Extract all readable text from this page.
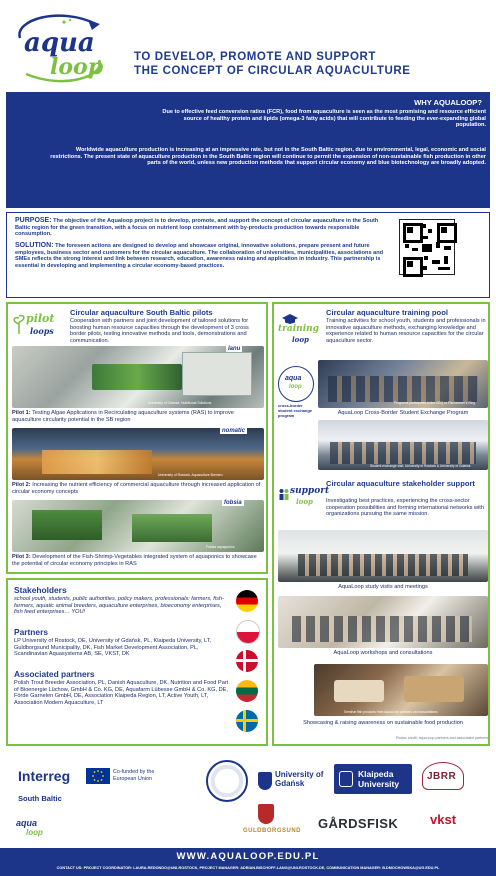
aqua
loop	TO DEVELOP, PROMOTE AND SUPPORT
THE CONCEPT OF CIRCULAR AQUACULTURE
WHY AQUALOOP?
Due to effective feed conversion ratios (FCR), food from aquaculture is seen as the most promising and resource efficient source of healthy protein and lipids (omega-3 fatty acids) that will contribute to feeding the ever-expanding global population.
Worldwide aquaculture production is increasing at an impressive rate, but not in the South Baltic region, due to environmental, legal, economic and social restrictions. The present state of aquaculture production in the South Baltic region will continue to permit the expansion of non-sustainable fish production in other parts of the world, unless new production methods that support circular economy and blue biotechnology are broadly adopted.
PURPOSE: The objective of the Aqualoop project is to develop, promote, and support the concept of circular aquaculture in the South Baltic region for the green transition, with a focus on nutrient loop containment with by-products production towards responsible consumption.
SOLUTION: The foreseen actions are designed to develop and showcase original, innovative solutions, prepare present and future employees, business sector and customers for the circular aquaculture. The collaboration of universities, municipalities, associations and SMEs reflects the strong interest and link between research, education, awareness raising and application in industry. This partnership is essential in developing and implementing a circular economy-based practices.
pilot
loops
Circular aquaculture South Baltic pilots
Cooperation with partners and joint development of tailored solutions for boosting human resource capacities through the development of 3 cross border pilots, testing innovative methods and tools, demonstrations and communication.
lanu
University of Gdańsk, Nutritional Solutions
Pilot 1: Testing Algae Applications in Recirculating aquaculture systems (RAS) to improve aquaculture circularity potential in the SB region
nomatic
University of Rostock, Aquaculture Bremen
Pilot 2: Increasing the nutrient efficiency of commercial aquaculture through increased application of circular economy concepts
fobsia
Fobsia aquaponics
Pilot 3: Development of the Fish-Shrimp-Vegetables integrated system of aquaponics to showcase the potential of circular economy principles in RAS
Stakeholders
school youth, students, public authorities, policy makers, professionals: farmers, fish-farmers, aquatic animal breeders, aquaculture enterprises, bioeconomy enterprises, fish feed enterprises… YOU!
Partners
LP University of Rostock, DE, University of Gdańsk, PL, Klaipeda University, LT, Guldborgsund Municipality, DK, Fish Market Development Association, PL, Scandinavian Aquasystems AB, SE, VKST, DK
Associated partners
Polish Trout Breeder Association, PL, Danish Aquaculture, DK, Nutrition and Food Part of Bioenergie Lüchow, GmbH & Co. KG, DE, Aquafarm Lübesse GmbH & Co. KG, DE, Förde Garnelen GmbH, DE, Association Klaipeda Region, LT, Active Youth, LT, Association Modern Aquaculture, LT
training
loop
Circular aquaculture training pool
Training activities for school youth, students and professionals in innovative aquaculture methods, exchanging knowledge and experience related to human resource capacities for the circular aquaculture sector.
aqua
loop
cross-border student exchange program
Programs participants in the CEQ or Fischermen's Ring
AquaLoop Cross-Border Student Exchange Program
Student exchange visit, University of Rostock & University of Gdańsk
support
loop
Circular aquaculture stakeholder support
Investigating best practices, experiencing the cross-sector cooperation possibilities and forming international networks with organizations pursuing the same mission.
AquaLoop study visits and meetings
AquaLoop workshops and consultations
Seminar fish products from AquaLoop partners and associations
Showcasing & raising awareness on sustainable food production
Photos credit: aqua loop partners and associated partners
Interreg
South Baltic
Co-funded by the European Union
aqua
loop
University of Gdańsk
Klaipeda
University
JBRR
GULDBORGSUND GÅRDSFISK vkst
WWW.AQUALOOP.EDU.PL
CONTACT US: PROJECT COORDINATOR: LAURA.REDONDO@UNI-ROSTOCK, PROJECT MANAGER: ADRIAN.BISCHOFF-LANG@UNI-ROSTOCK.DE, COMMUNICATION MANAGER: B.DMOCHOWSKA@UG.EDU.PL
